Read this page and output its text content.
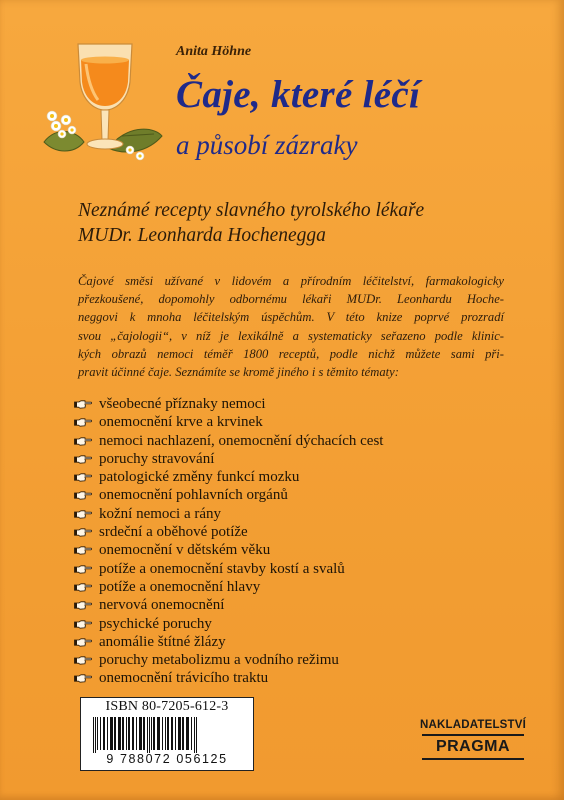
Anita Höhne
Čaje, které léčí
a působí zázraky
Neznámé recepty slavného tyrolského lékaře
MUDr. Leonharda Hochenegga
Čajové směsi užívané v lidovém a přírodním léčitelství, farmakologicky
přezkoušené, dopomohly odbornému lékaři MUDr. Leonhardu Hoche-
neggovi k mnoha léčitelským úspěchům. V této knize poprvé prozradí
svou „čajologii“, v níž je lexikálně a systematicky seřazeno podle klinic-
kých obrazů nemoci téměř 1800 receptů, podle nichž můžete sami při-
pravit účinné čaje. Seznámíte se kromě jiného i s těmito tématy:
všeobecné příznaky nemoci
onemocnění krve a krvinek
nemoci nachlazení, onemocnění dýchacích cest
poruchy stravování
patologické změny funkcí mozku
onemocnění pohlavních orgánů
kožní nemoci a rány
srdeční a oběhové potíže
onemocnění v dětském věku
potíže a onemocnění stavby kostí a svalů
potíže a onemocnění hlavy
nervová onemocnění
psychické poruchy
anomálie štítné žlázy
poruchy metabolizmu a vodního režimu
onemocnění trávicího traktu
ISBN 80-7205-612-3
9 788072 056125
NAKLADATELSTVÍ
PRAGMA
